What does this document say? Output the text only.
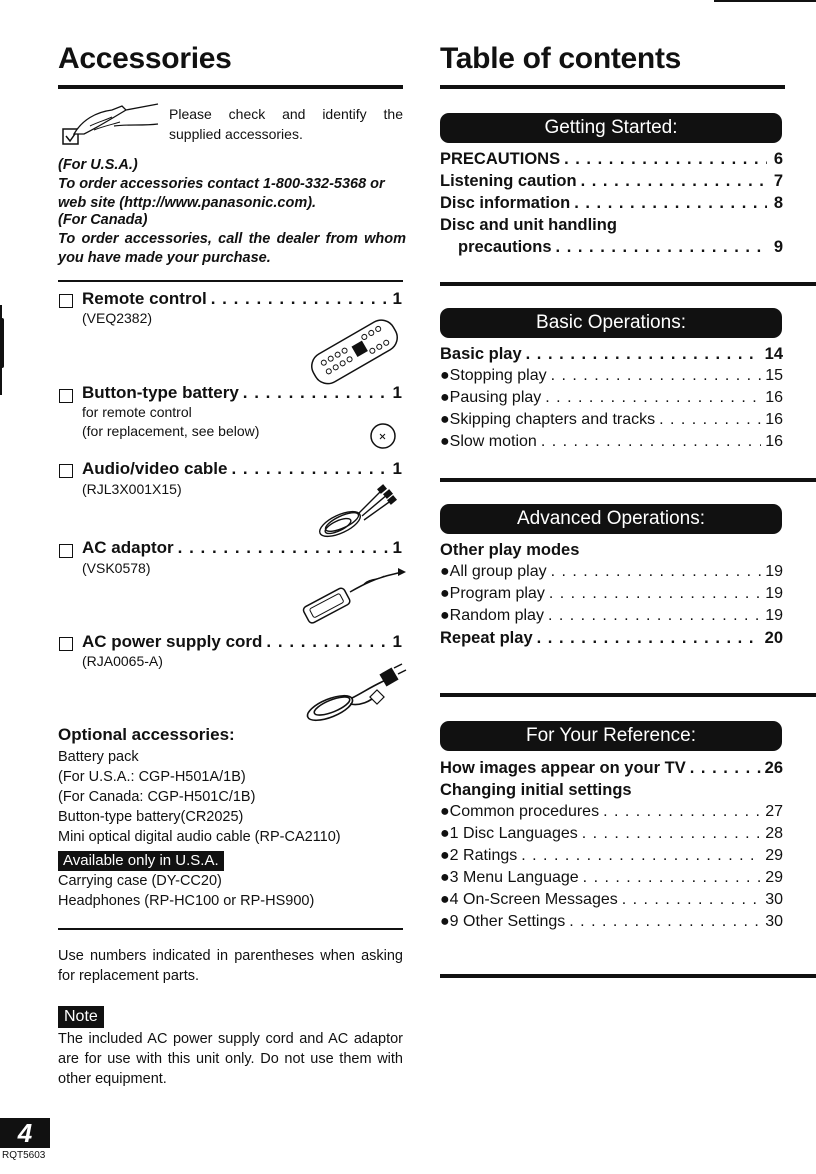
Accessories
Please check and identify the supplied accessories.
(For U.S.A.)
To order accessories contact 1-800-332-5368 or web site (http://www.panasonic.com).
(For Canada)
To order accessories, call the dealer from whom you have made your purchase.
Remote control . . .	1
(VEQ2382)
Button-type battery . . .	1
for remote control
(for replacement, see below)
Audio/video cable . . .	1
(RJL3X001X15)
AC adaptor . . .	1
(VSK0578)
AC power supply cord . . .	1
(RJA0065-A)
Optional accessories:
Battery pack
(For U.S.A.: CGP-H501A/1B)
(For Canada: CGP-H501C/1B)
Button-type battery(CR2025)
Mini optical digital audio cable (RP-CA2110)
Available only in U.S.A.
Carrying case (DY-CC20)
Headphones (RP-HC100 or RP-HS900)
Use numbers indicated in parentheses when asking for replacement parts.
Note
The included AC power supply cord and AC adaptor are for use with this unit only. Do not use them with other equipment.
Table of contents
Getting Started:
PRECAUTIONS . . .	6
Listening caution . . .	7
Disc information . . .	8
Disc and unit handling
precautions . . .	9
Basic Operations:
Basic play . . .	14
●Stopping play . . .	15
●Pausing play . . .	16
●Skipping chapters and tracks . . .	16
●Slow motion . . .	16
Advanced Operations:
Other play modes
●All group play . . .	19
●Program play . . .	19
●Random play . . .	19
Repeat play . . .	20
For Your Reference:
How images appear on your TV . . .	26
Changing initial settings
●Common procedures . . .	27
●1 Disc Languages . . .	28
●2 Ratings . . .	29
●3 Menu Language . . .	29
●4 On-Screen Messages . . .	30
●9 Other Settings . . .	30
4
RQT5603
